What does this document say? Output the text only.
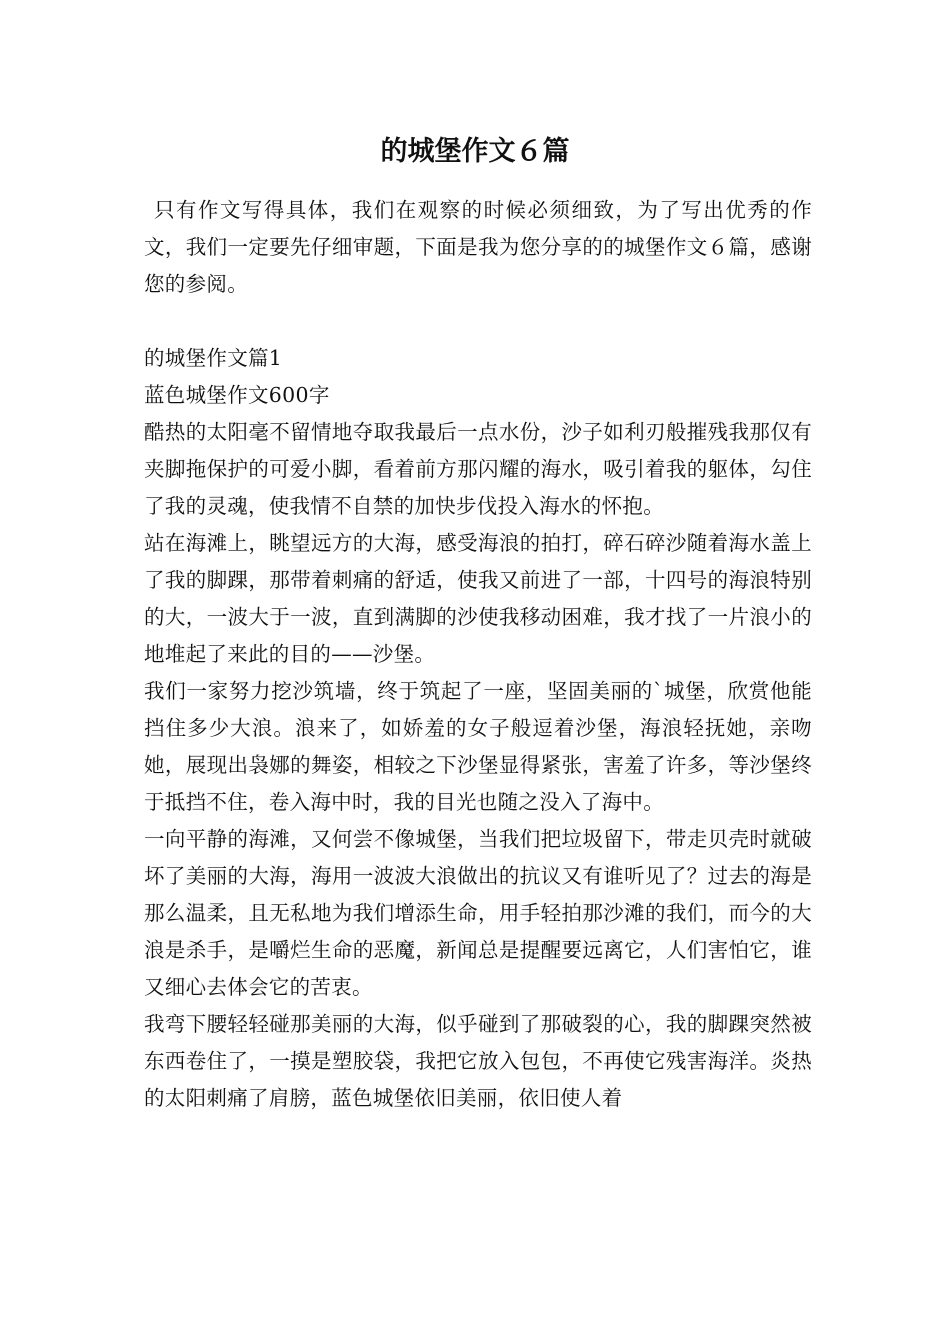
的城堡作文６篇

只有作文写得具体，我们在观察的时候必须细致，为了写出优秀的作文，我们一定要先仔细审题，下面是我为您分享的的城堡作文６篇，感谢您的参阅。

的城堡作文篇1

蓝色城堡作文600字

酷热的太阳毫不留情地夺取我最后一点水份，沙子如利刃般摧残我那仅有夹脚拖保护的可爱小脚，看着前方那闪耀的海水，吸引着我的躯体，勾住了我的灵魂，使我情不自禁的加快步伐投入海水的怀抱。

站在海滩上，眺望远方的大海，感受海浪的拍打，碎石碎沙随着海水盖上了我的脚踝，那带着刺痛的舒适，使我又前进了一部，十四号的海浪特别的大，一波大于一波，直到满脚的沙使我移动困难，我才找了一片浪小的地堆起了来此的目的——沙堡。

我们一家努力挖沙筑墙，终于筑起了一座，坚固美丽的`城堡，欣赏他能挡住多少大浪。浪来了，如娇羞的女子般逗着沙堡，海浪轻抚她，亲吻她，展现出袅娜的舞姿，相较之下沙堡显得紧张，害羞了许多，等沙堡终于抵挡不住，卷入海中时，我的目光也随之没入了海中。

一向平静的海滩，又何尝不像城堡，当我们把垃圾留下，带走贝壳时就破坏了美丽的大海，海用一波波大浪做出的抗议又有谁听见了？过去的海是那么温柔，且无私地为我们增添生命，用手轻拍那沙滩的我们，而今的大浪是杀手，是嚼烂生命的恶魔，新闻总是提醒要远离它，人们害怕它，谁又细心去体会它的苦衷。

我弯下腰轻轻碰那美丽的大海，似乎碰到了那破裂的心，我的脚踝突然被东西卷住了，一摸是塑胶袋，我把它放入包包，不再使它残害海洋。炎热的太阳刺痛了肩膀，蓝色城堡依旧美丽，依旧使人着
